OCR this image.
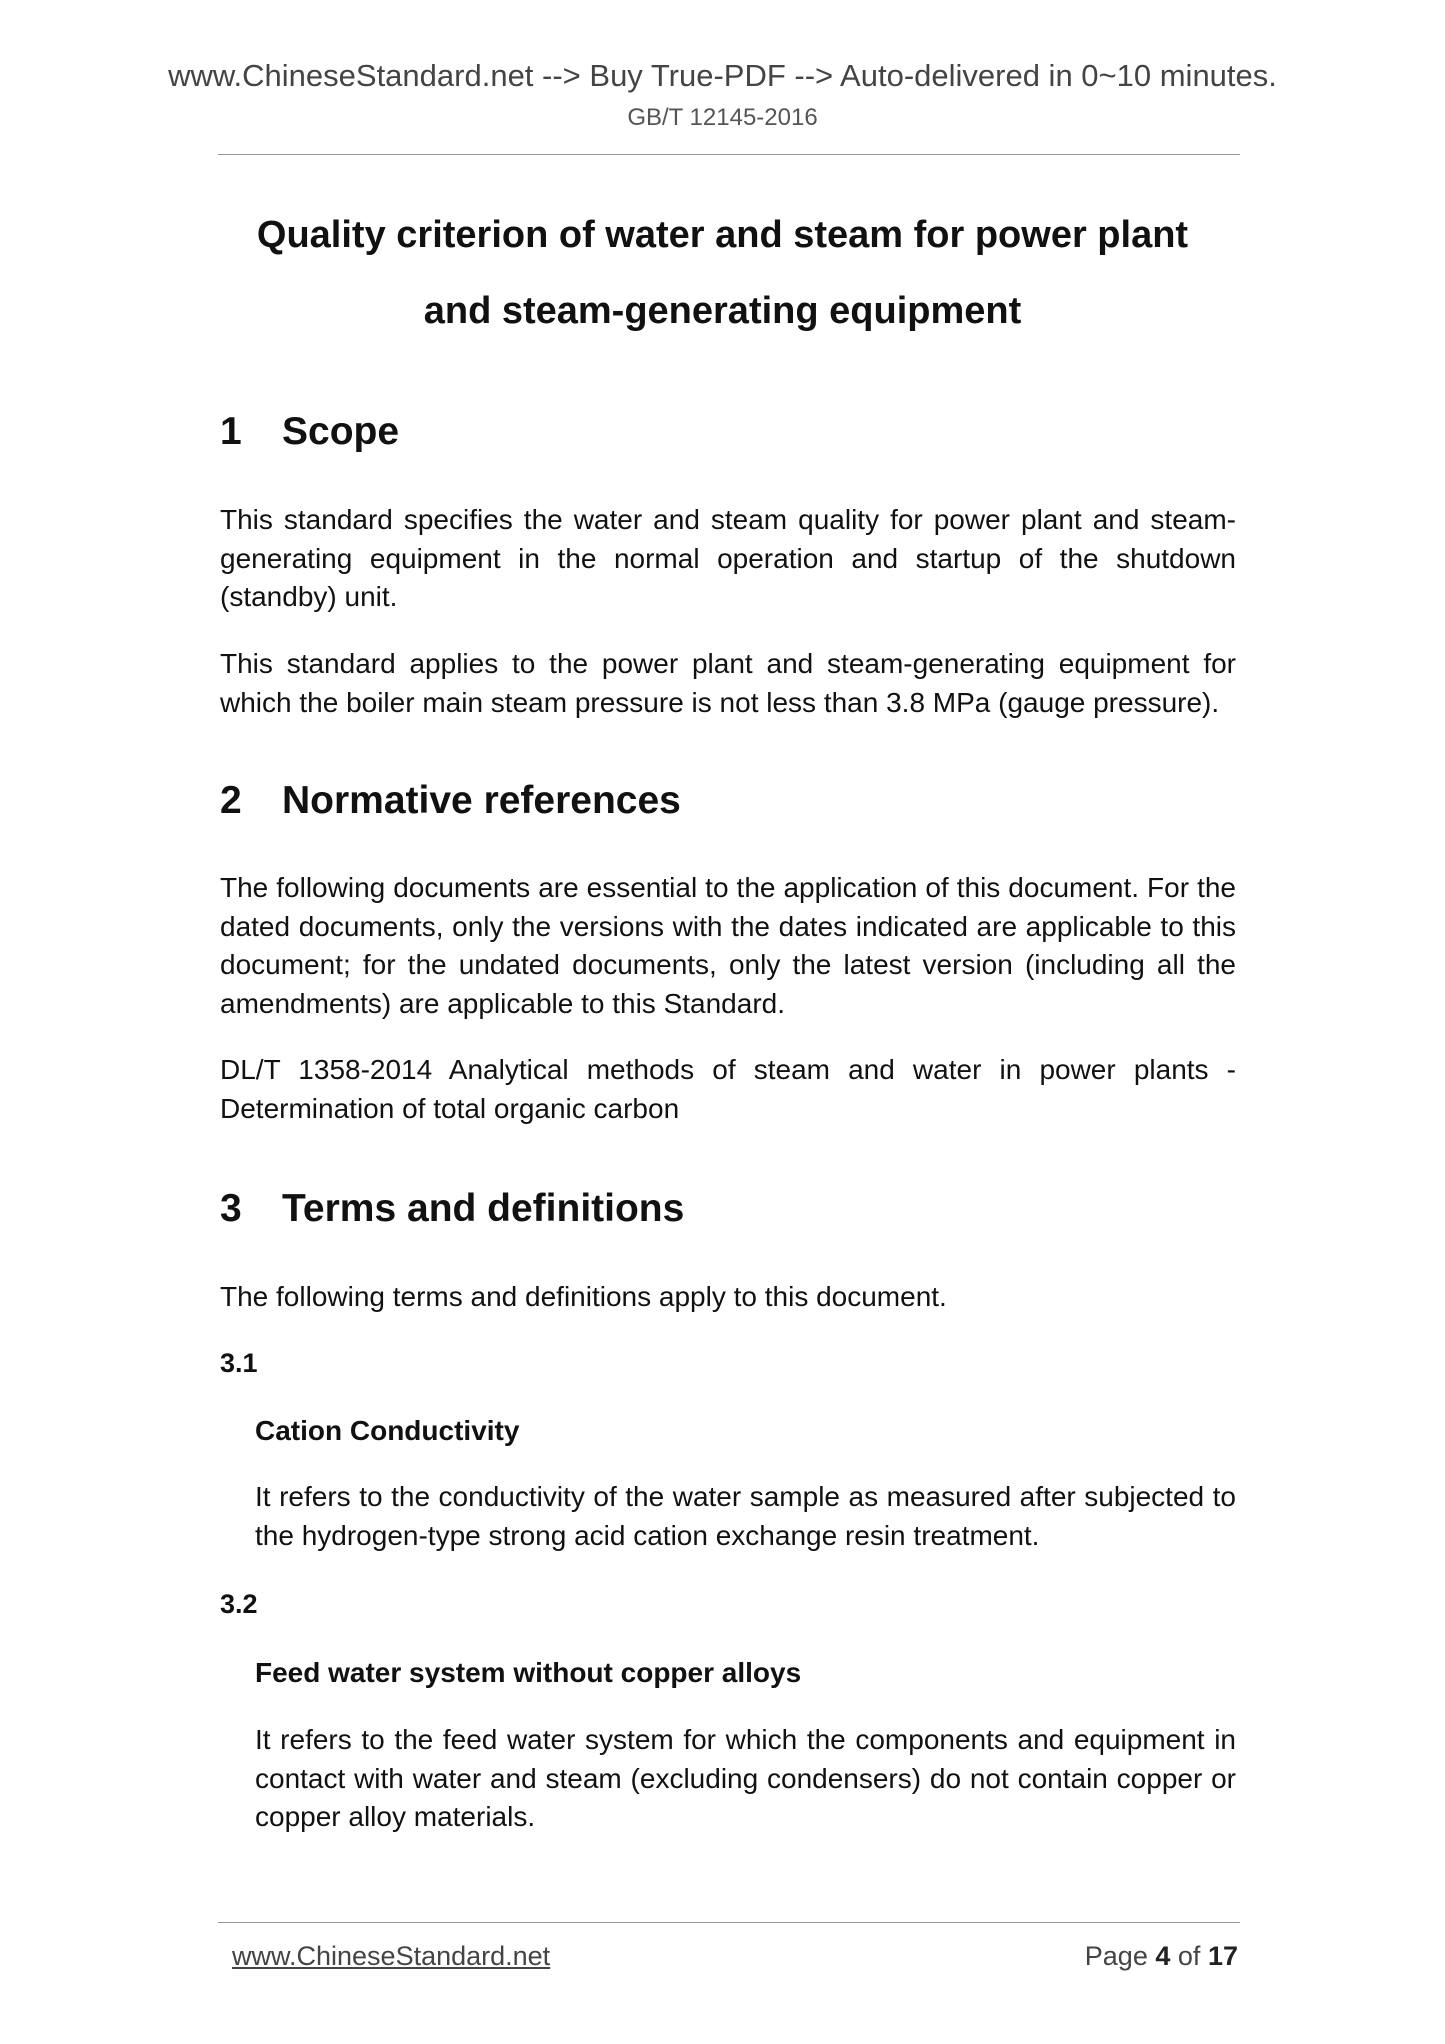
www.ChineseStandard.net --> Buy True-PDF --> Auto-delivered in 0~10 minutes.
GB/T 12145-2016
Quality criterion of water and steam for power plant
and steam-generating equipment
1 Scope
This standard specifies the water and steam quality for power plant and steam-generating equipment in the normal operation and startup of the shutdown (standby) unit.
This standard applies to the power plant and steam-generating equipment for which the boiler main steam pressure is not less than 3.8 MPa (gauge pressure).
2 Normative references
The following documents are essential to the application of this document. For the dated documents, only the versions with the dates indicated are applicable to this document; for the undated documents, only the latest version (including all the amendments) are applicable to this Standard.
DL/T 1358-2014 Analytical methods of steam and water in power plants - Determination of total organic carbon
3 Terms and definitions
The following terms and definitions apply to this document.
3.1
Cation Conductivity
It refers to the conductivity of the water sample as measured after subjected to the hydrogen-type strong acid cation exchange resin treatment.
3.2
Feed water system without copper alloys
It refers to the feed water system for which the components and equipment in contact with water and steam (excluding condensers) do not contain copper or copper alloy materials.
www.ChineseStandard.net	Page 4 of 17
